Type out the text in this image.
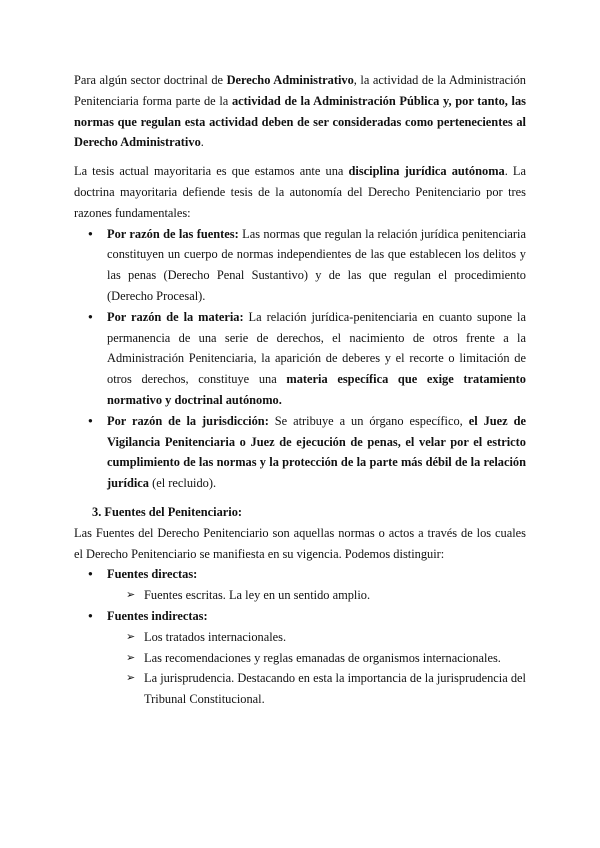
Para algún sector doctrinal de Derecho Administrativo, la actividad de la Administración Penitenciaria forma parte de la actividad de la Administración Pública y, por tanto, las normas que regulan esta actividad deben de ser consideradas como pertenecientes al Derecho Administrativo.

La tesis actual mayoritaria es que estamos ante una disciplina jurídica autónoma. La doctrina mayoritaria defiende tesis de la autonomía del Derecho Penitenciario por tres razones fundamentales:

● Por razón de las fuentes: Las normas que regulan la relación jurídica penitenciaria constituyen un cuerpo de normas independientes de las que establecen los delitos y las penas (Derecho Penal Sustantivo) y de las que regulan el procedimiento (Derecho Procesal).
● Por razón de la materia: La relación jurídica-penitenciaria en cuanto supone la permanencia de una serie de derechos, el nacimiento de otros frente a la Administración Penitenciaria, la aparición de deberes y el recorte o limitación de otros derechos, constituye una materia específica que exige tratamiento normativo y doctrinal autónomo.
● Por razón de la jurisdicción: Se atribuye a un órgano específico, el Juez de Vigilancia Penitenciaria o Juez de ejecución de penas, el velar por el estricto cumplimiento de las normas y la protección de la parte más débil de la relación jurídica (el recluido).

3. Fuentes del Penitenciario:

Las Fuentes del Derecho Penitenciario son aquellas normas o actos a través de los cuales el Derecho Penitenciario se manifiesta en su vigencia. Podemos distinguir:

● Fuentes directas:
➢ Fuentes escritas. La ley en un sentido amplio.
● Fuentes indirectas:
➢ Los tratados internacionales.
➢ Las recomendaciones y reglas emanadas de organismos internacionales.
➢ La jurisprudencia. Destacando en esta la importancia de la jurisprudencia del Tribunal Constitucional.
